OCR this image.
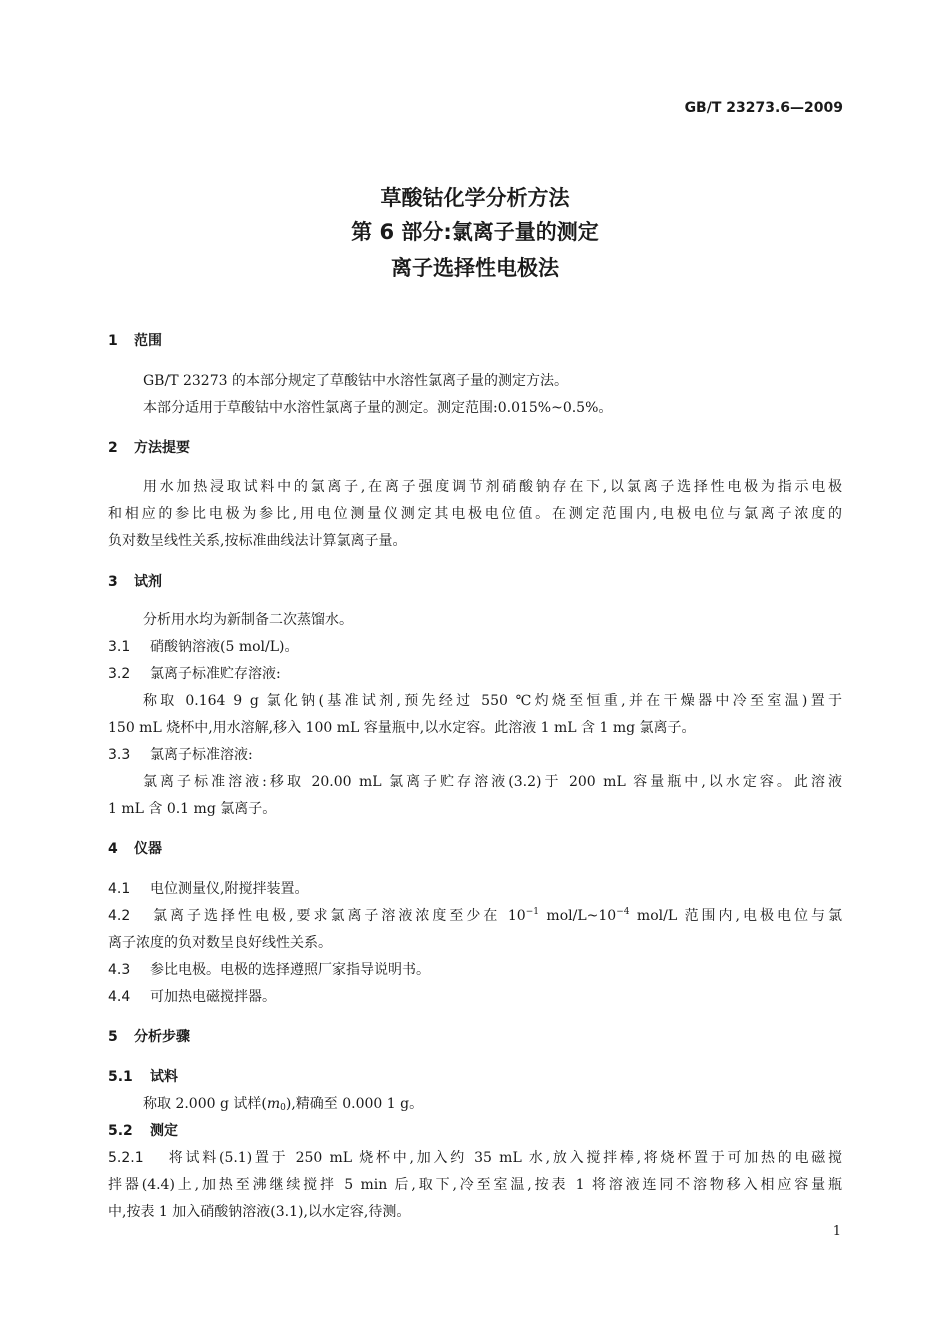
GB/T 23273.6—2009
草酸钴化学分析方法
第 6 部分:氯离子量的测定
离子选择性电极法
1 范围
GB/T 23273 的本部分规定了草酸钴中水溶性氯离子量的测定方法。
本部分适用于草酸钴中水溶性氯离子量的测定。测定范围:0.015%~0.5%。
2 方法提要
用水加热浸取试料中的氯离子,在离子强度调节剂硝酸钠存在下,以氯离子选择性电极为指示电极
和相应的参比电极为参比,用电位测量仪测定其电极电位值。在测定范围内,电极电位与氯离子浓度的
负对数呈线性关系,按标准曲线法计算氯离子量。
3 试剂
分析用水均为新制备二次蒸馏水。
3.1 硝酸钠溶液(5 mol/L)。
3.2 氯离子标准贮存溶液:
称取 0.164 9 g 氯化钠(基准试剂,预先经过 550 ℃灼烧至恒重,并在干燥器中冷至室温)置于
150 mL 烧杯中,用水溶解,移入 100 mL 容量瓶中,以水定容。此溶液 1 mL 含 1 mg 氯离子。
3.3 氯离子标准溶液:
氯离子标准溶液:移取 20.00 mL 氯离子贮存溶液(3.2)于 200 mL 容量瓶中,以水定容。此溶液
1 mL 含 0.1 mg 氯离子。
4 仪器
4.1 电位测量仪,附搅拌装置。
4.2 氯离子选择性电极,要求氯离子溶液浓度至少在 $10^{-1}$ mol/$L\sim 10^{-4}$ mol/L 范围内,电极电位与氯
离子浓度的负对数呈良好线性关系。
4.3 参比电极。电极的选择遵照厂家指导说明书。
4.4 可加热电磁搅拌器。
5 分析步骤
5.1 试料
称取 2.000 g 试样$(m_0)$,精确至 0.000 1 g。
5.2 测定
5.2.1 将试料(5.1)置于 250 mL 烧杯中,加入约 35 mL 水,放入搅拌棒,将烧杯置于可加热的电磁搅
拌器(4.4)上,加热至沸继续搅拌 5 min 后,取下,冷至室温,按表 1 将溶液连同不溶物移入相应容量瓶
中,按表 1 加入硝酸钠溶液(3.1),以水定容,待测。
1
